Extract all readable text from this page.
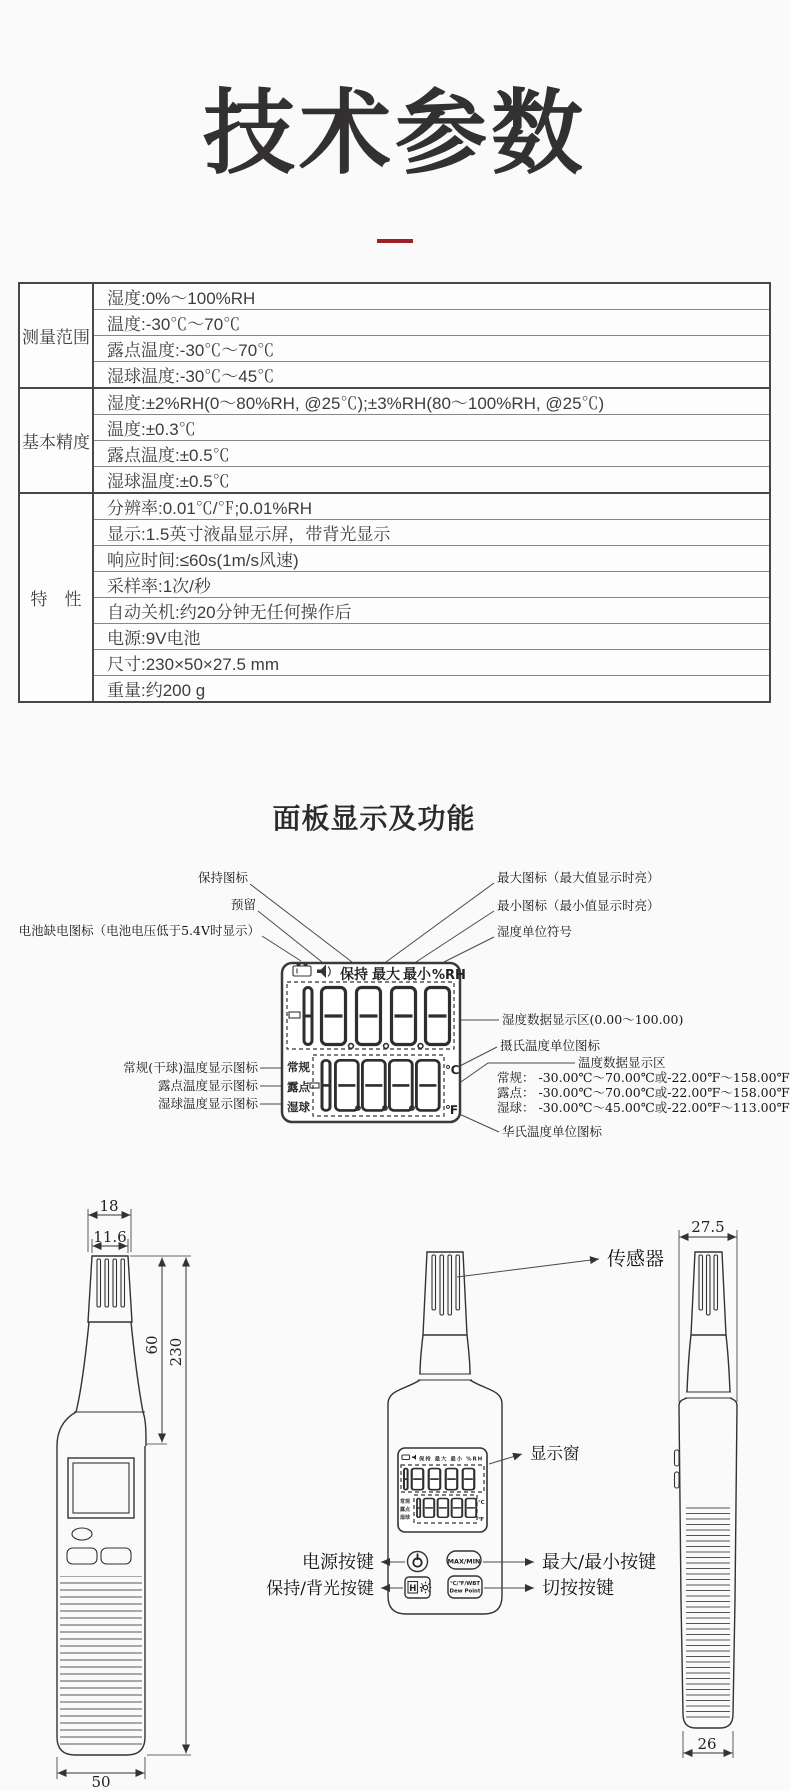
技术参数
测量范围	湿度:0%～100%RH
	温度:-30℃～70℃
	露点温度:-30℃～70℃
	湿球温度:-30℃～45℃
基本精度	湿度:±2%RH(0～80%RH, @25℃);±3%RH(80～100%RH, @25℃)
	温度:±0.3℃
	露点温度:±0.5℃
	湿球温度:±0.5℃
特　性	分辨率:0.01℃/℉;0.01%RH
	显示:1.5英寸液晶显示屏，带背光显示
	响应时间:≤60s(1m/s风速)
	采样率:1次/秒
	自动关机:约20分钟无任何操作后
	电源:9V电池
	尺寸:230×50×27.5 mm
	重量:约200 g
面板显示及功能
保持图标
预留
电池缺电图标（电池电压低于5.4V时显示）
最大图标（最大值显示时亮）
最小图标（最小值显示时亮）
湿度单位符号
湿度数据显示区(0.00～100.00)
摄氏温度单位图标
温度数据显示区
常规： -30.00℃～70.00℃或-22.00℉～158.00℉
露点： -30.00℃～70.00℃或-22.00℉～158.00℉
湿球： -30.00℃～45.00℃或-22.00℉～113.00℉
华氏温度单位图标
常规(干球)温度显示图标
露点温度显示图标
湿球温度显示图标
保持 最大 最小 %RH
常规
露点
湿球
℃
℉
18
11.6
60 230
50
保持 最大 最小 %RH
常规
露点
湿球
℃
℉
MAX/MIN
H /	℃/℉/WBT
Dew Point
传感器
显示窗
电源按键
保持/背光按键
最大/最小按键
切按按键
27.5
26
